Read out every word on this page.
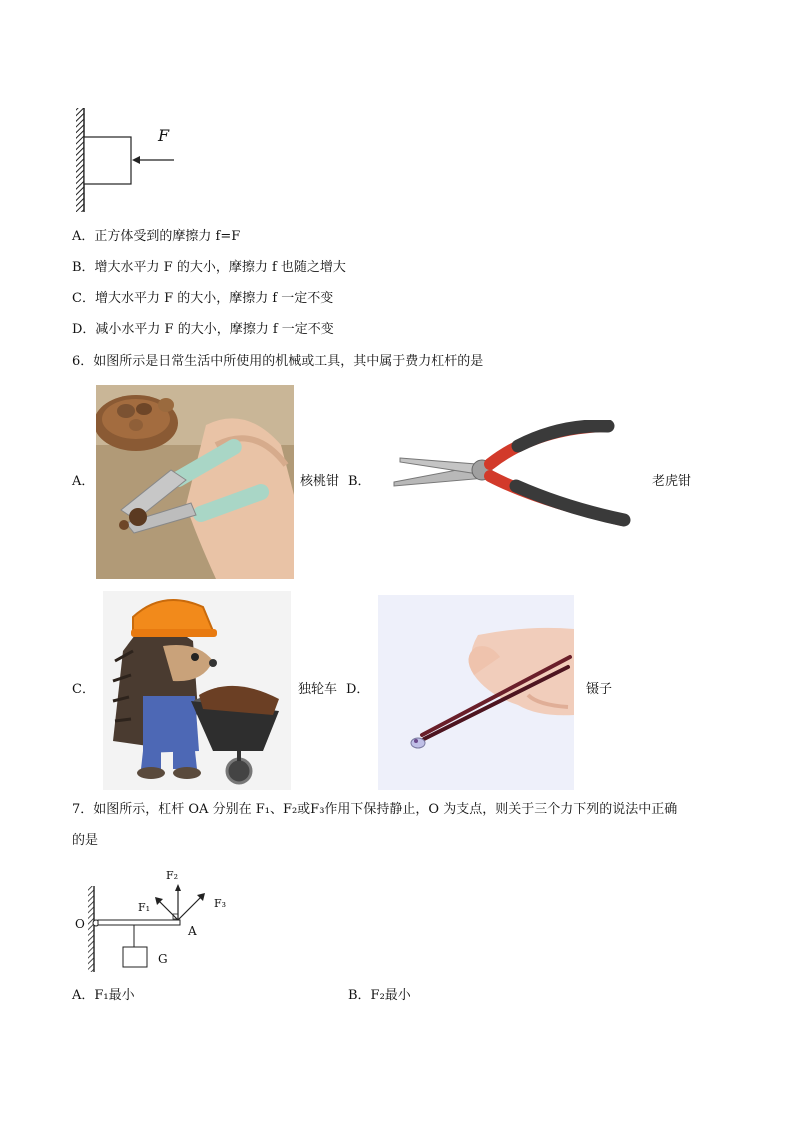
F
A．正方体受到的摩擦力 f=F
B．增大水平力 F 的大小，摩擦力 f 也随之增大
C．增大水平力 F 的大小，摩擦力 f 一定不变
D．减小水平力 F 的大小，摩擦力 f 一定不变
6．如图所示是日常生活中所使用的机械或工具，其中属于费力杠杆的是
A．	核桃钳 B．	老虎钳
C．	独轮车 D．	镊子
7．如图所示，杠杆 OA 分别在 F₁、F₂或F₃作用下保持静止，O 为支点，则关于三个力下列的说法中正确
的是
O	A
G
F₁
F₂
F₃
A．F₁最小	B．F₂最小
